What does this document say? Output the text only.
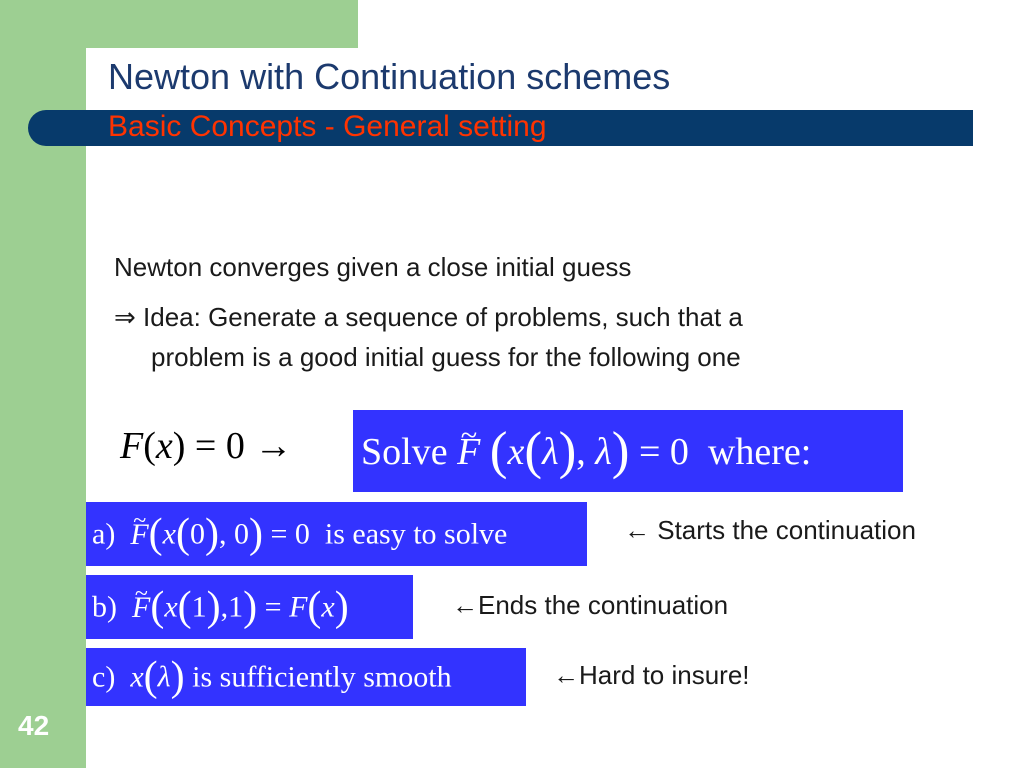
Newton with Continuation schemes
Basic Concepts - General setting
42
Newton converges given a close initial guess
⇒ Idea: Generate a sequence of problems, such that a
problem is a good initial guess for the following one
F(x) = 0 → Solve ~ F (x(λ), λ) = 0  where:
a) ~ F(x(0), 0) = 0  is easy to solve
b) ~ F(x(1),1) = F(x)
c) x(λ) is sufficiently smooth
← Starts the continuation
←Ends the continuation
←Hard to insure!
